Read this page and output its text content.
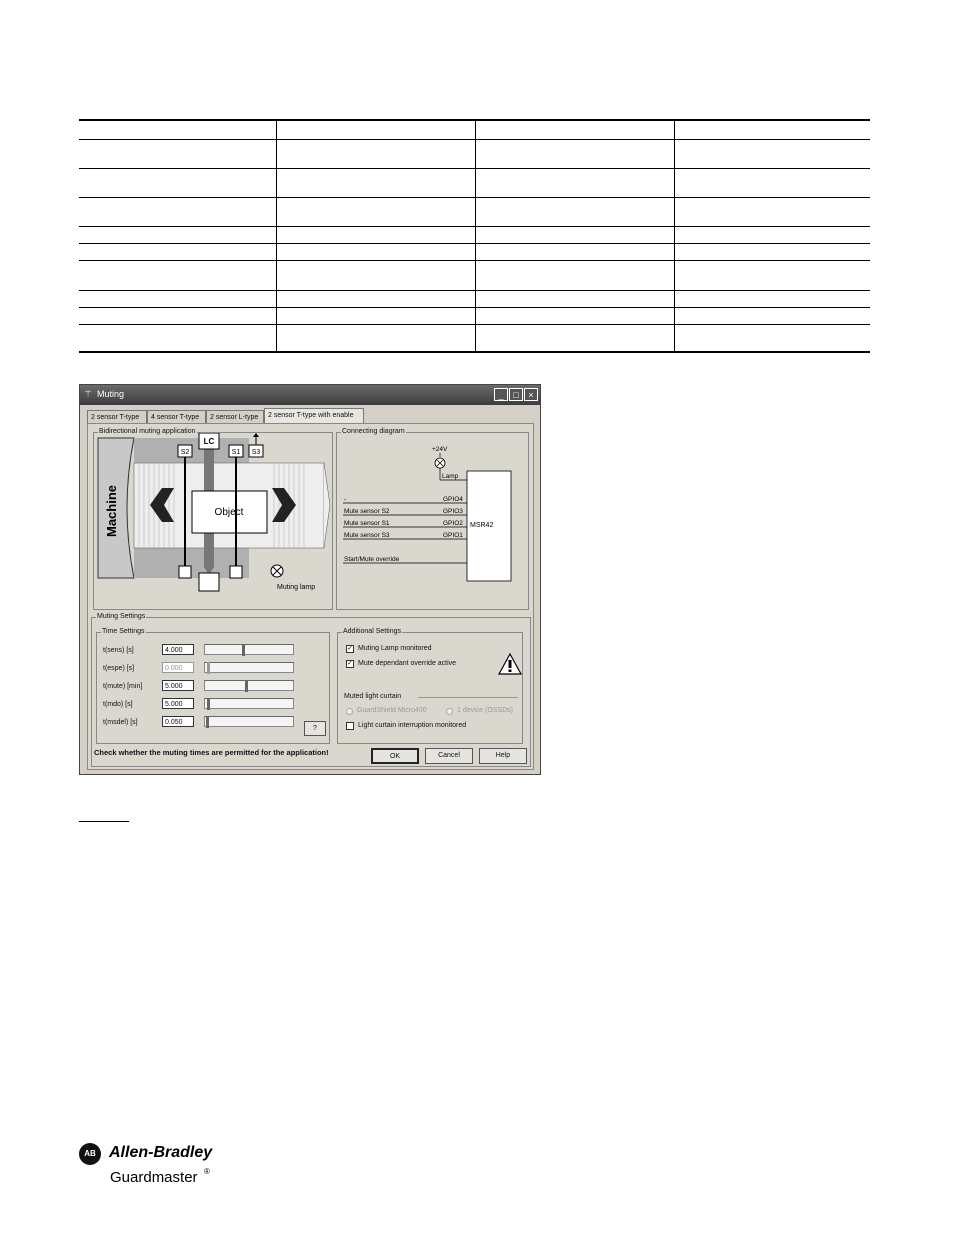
⚚ Muting	_	□	×
2 sensor T-type	4 sensor T-type	2 sensor L-type	2 sensor T-type with enable
Bidirectional muting application
Machine
LC
Object
S2	S1 S3
Muting lamp
Connecting diagram
+24V
Lamp
MSR42
-	GPIO4
Mute sensor S2	GPIO3
Mute sensor S1	GPIO2
Mute sensor S3	GPIO1
Start/Mute override
Muting Settings
Time Settings
t(sens) [s]	4.000
t(espe) [s]	0.000
t(mute) [min]	5.000
t(mdo) [s]	5.000
t(msdel) [s]	0.050
?
Additional Settings
✓ Muting Lamp monitored
✓ Mute dependant override active
Muted light curtain
GuardShield Micro400	1 device (OSSDs)
Light curtain interruption monitored
Check whether the muting times are permitted for the application!	OK	Cancel	Help
AB Allen-Bradley
Guardmaster ®
